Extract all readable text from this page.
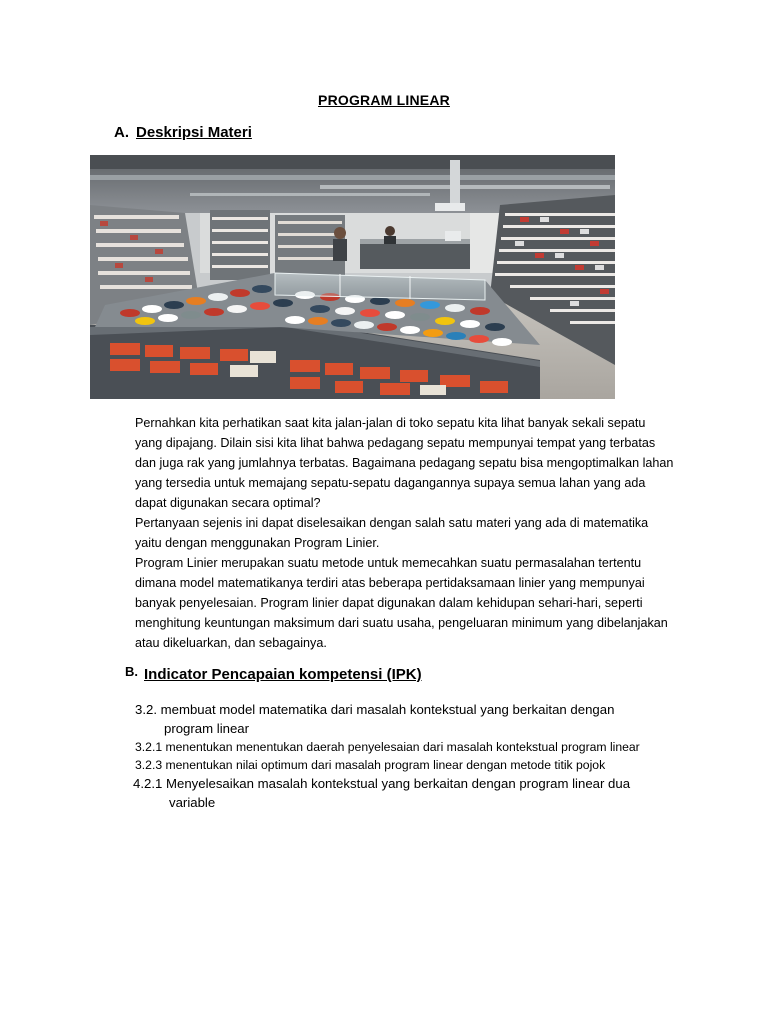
PROGRAM LINEAR
A. Deskripsi Materi

Pernahkan kita perhatikan saat kita jalan-jalan di toko sepatu kita lihat banyak sekali sepatu yang dipajang. Dilain sisi kita lihat bahwa pedagang sepatu mempunyai tempat yang terbatas dan juga rak yang jumlahnya terbatas. Bagaimana pedagang sepatu bisa mengoptimalkan lahan yang tersedia untuk memajang sepatu-sepatu dagangannya supaya semua lahan yang ada dapat digunakan secara optimal?

Pertanyaan sejenis ini dapat diselesaikan dengan salah satu materi yang ada di matematika yaitu dengan menggunakan Program Linier.

Program Linier merupakan suatu metode untuk memecahkan suatu permasalahan tertentu dimana model matematikanya terdiri atas beberapa pertidaksamaan linier yang mempunyai banyak penyelesaian. Program linier dapat digunakan dalam kehidupan sehari-hari, seperti menghitung keuntungan maksimum dari suatu usaha, pengeluaran minimum yang dibelanjakan atau dikeluarkan, dan sebagainya.

B. Indicator Pencapaian kompetensi (IPK)
3.2. membuat model matematika dari masalah kontekstual yang berkaitan dengan
program linear
3.2.1 menentukan menentukan daerah penyelesaian dari masalah kontekstual program linear
3.2.3 menentukan nilai optimum dari masalah program linear dengan metode titik pojok
4.2.1 Menyelesaikan masalah kontekstual yang berkaitan dengan program linear dua
variable
